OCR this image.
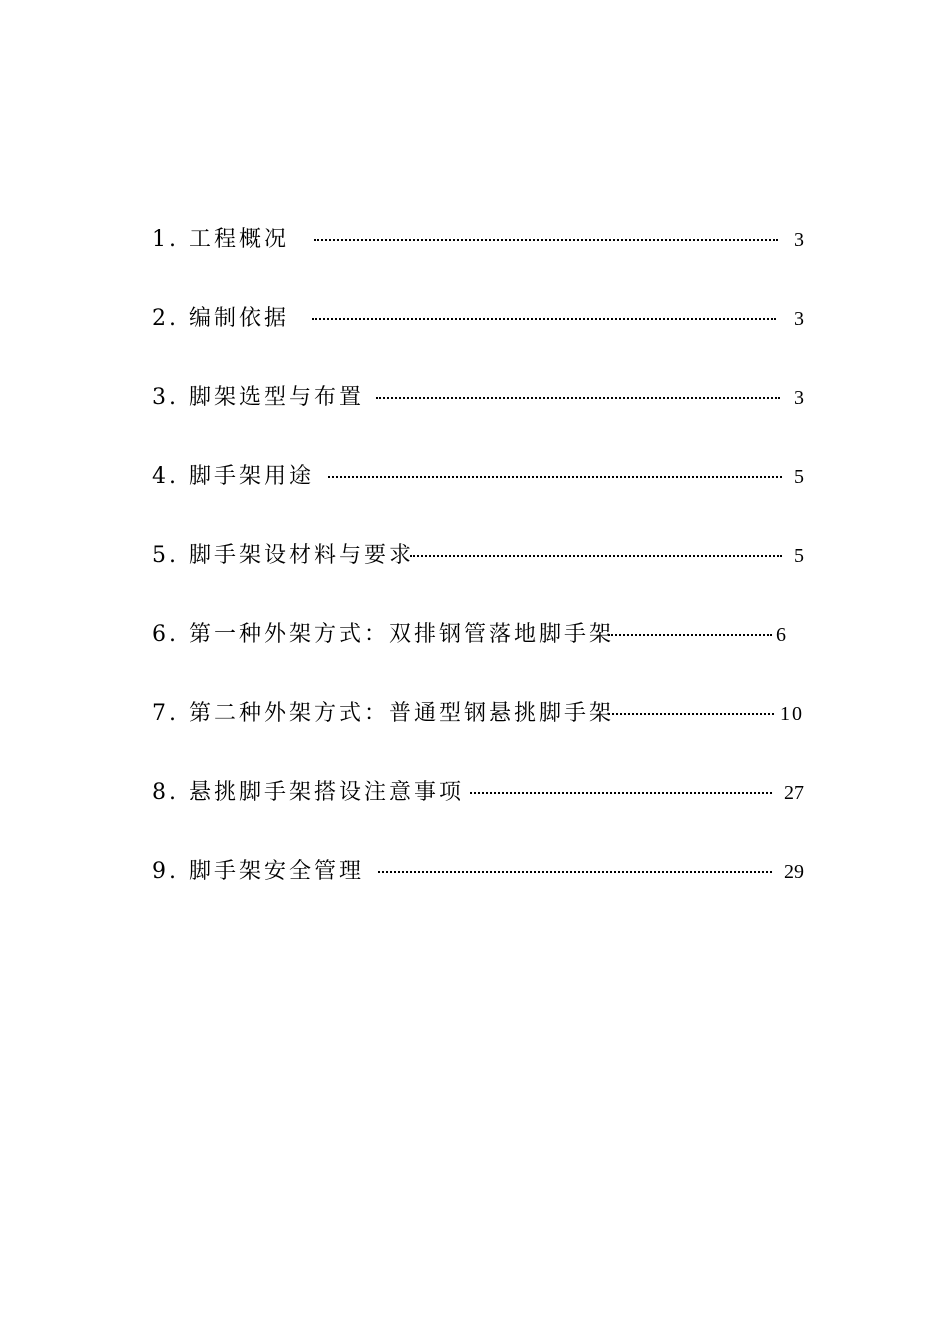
1. 工程概况	3
2. 编制依据	3
3. 脚架选型与布置	3
4. 脚手架用途	5
5. 脚手架设材料与要求	5
6. 第一种外架方式：双排钢管落地脚手架	6
7. 第二种外架方式：普通型钢悬挑脚手架	10
8. 悬挑脚手架搭设注意事项	27
9. 脚手架安全管理	29
